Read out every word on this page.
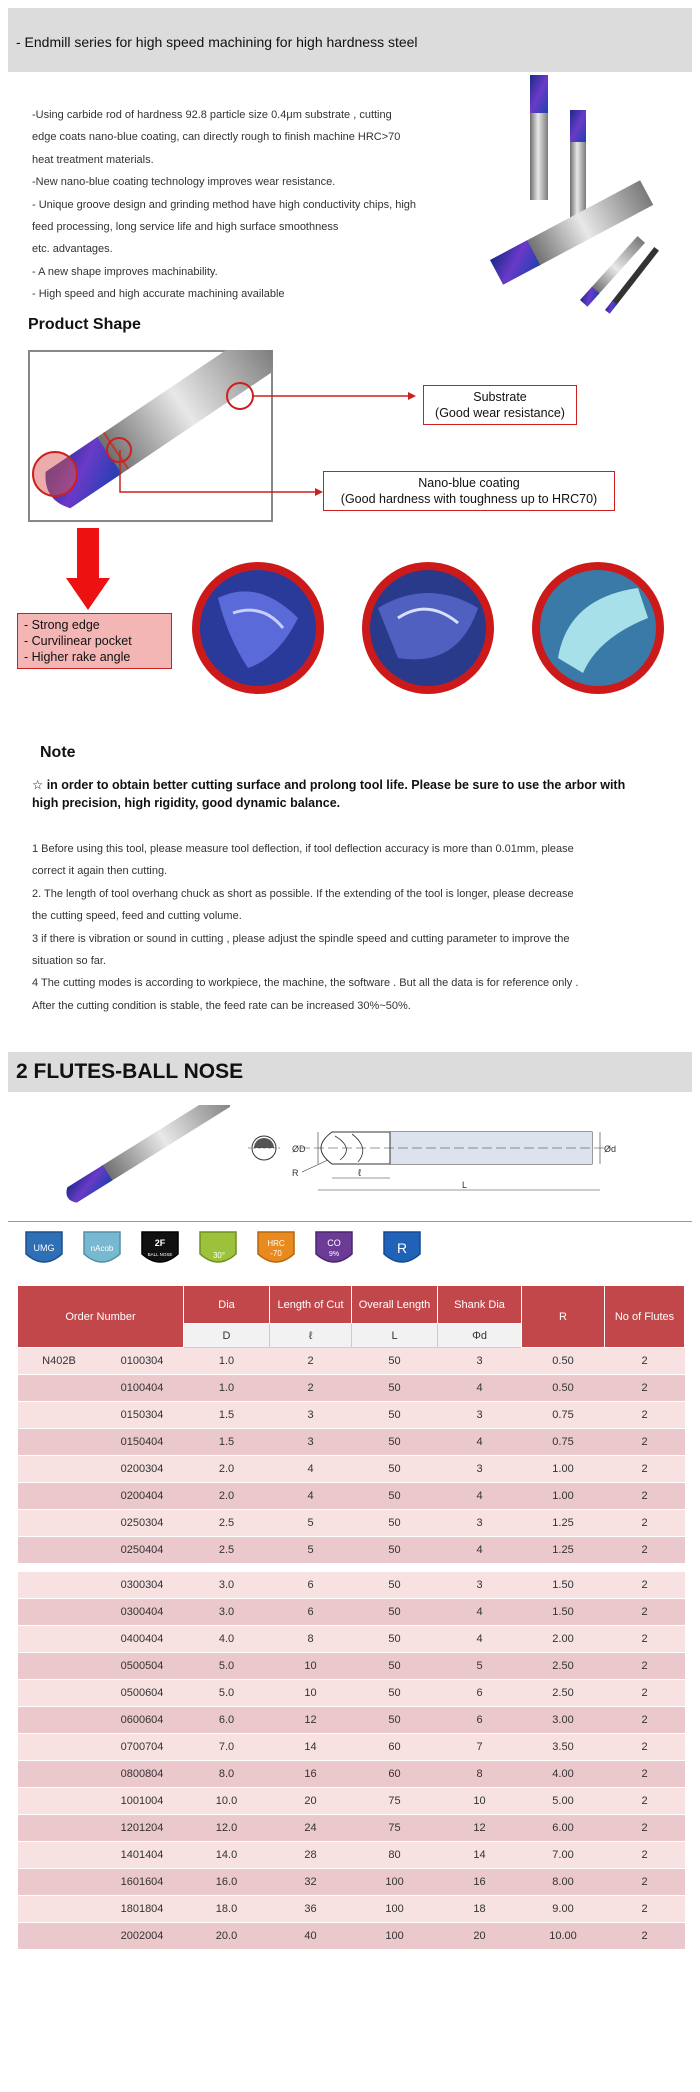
- Endmill series for high speed machining for high hardness steel

-Using carbide rod of hardness 92.8 particle size 0.4μm substrate , cutting

edge coats nano-blue coating, can directly rough to finish machine HRC>70

heat treatment materials.

-New nano-blue coating technology improves wear resistance.

- Unique groove design and grinding method have high conductivity chips, high

feed processing, long service life and high surface smoothness

etc. advantages.

- A new shape improves machinability.

- High speed and high accurate machining available

Product Shape
Substrate
(Good wear resistance)
Nano-blue coating
(Good hardness with toughness up to HRC70)
- Strong edge
- Curvilinear pocket
- Higher rake angle
Note
☆ in order to obtain better cutting surface and prolong tool life. Please be sure to use the arbor with
high precision, high rigidity, good dynamic balance.

1 Before using this tool, please measure tool deflection, if tool deflection accuracy is more than 0.01mm, please

correct it again then cutting.

2. The length of tool overhang chuck as short as possible. If the extending of the tool is longer, please decrease

the cutting speed, feed and cutting volume.

3 if there is vibration or sound in cutting , please adjust the spindle speed and cutting parameter to improve the

situation so far.

4 The cutting modes is according to workpiece, the machine, the software . But all the data is for reference only .

After the cutting condition is stable, the feed rate can be increased 30%~50%.

2 FLUTES-BALL NOSE
ØD	Ød
R	ℓ
L
UMG	nAcob
2F
BALL NOSE	30°
HRC
-70
CO
9%	R
Order Number		Dia	Length of Cut	Overall Length	Shank Dia	R	No of Flutes
		D	ℓ	L	Φd		
N402B	0100304	1.0	2	50	3	0.50	2
	0100404	1.0	2	50	4	0.50	2
	0150304	1.5	3	50	3	0.75	2
	0150404	1.5	3	50	4	0.75	2
	0200304	2.0	4	50	3	1.00	2
	0200404	2.0	4	50	4	1.00	2
	0250304	2.5	5	50	3	1.25	2
	0250404	2.5	5	50	4	1.25	2

	0300304	3.0	6	50	3	1.50	2
	0300404	3.0	6	50	4	1.50	2
	0400404	4.0	8	50	4	2.00	2
	0500504	5.0	10	50	5	2.50	2
	0500604	5.0	10	50	6	2.50	2
	0600604	6.0	12	50	6	3.00	2
	0700704	7.0	14	60	7	3.50	2
	0800804	8.0	16	60	8	4.00	2
	1001004	10.0	20	75	10	5.00	2
	1201204	12.0	24	75	12	6.00	2
	1401404	14.0	28	80	14	7.00	2
	1601604	16.0	32	100	16	8.00	2
	1801804	18.0	36	100	18	9.00	2
	2002004	20.0	40	100	20	10.00	2
